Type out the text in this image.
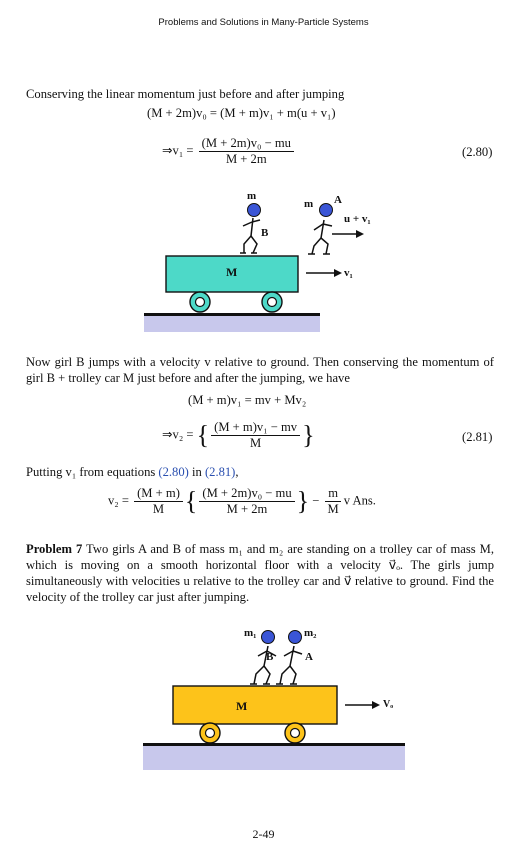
Problems and Solutions in Many-Particle Systems
Conserving the linear momentum just before and after jumping
(M + 2m)v₀ = (M + m)v₁ + m(u + v₁)
⇒v₁ = $\frac{\text{(M + 2m)v₀ − mu}}{M + 2m}$	(2.80)
m
B
m A
u + v₁
M	v₁
Now girl B jumps with a velocity v relative to ground. Then conserving the momentum of girl B + trolley car M just before and after the jumping, we have
(M + m)v₁ = mv + Mv₂
⇒v₂ = { $\frac{\text{(M + m)v₁ − mv}}{M}$ }	(2.81)
Putting v₁ from equations (2.80) in (2.81),
$v_2 = \frac{(M + m)}{M}$ { $\frac{\text{(M + 2m)v₀ − mu}}{M + 2m}$ } − $\frac{m}{M}$ v Ans.
Problem 7 Two girls A and B of mass m₁ and m₂ are standing on a trolley car of mass M, which is moving on a smooth horizontal floor with a velocity v⃗ₒ. The girls jump simultaneously with velocities u relative to the trolley car and v⃗ relative to ground. Find the velocity of the trolley car just after jumping.
m₁	m₂
B	A
M	Vₒ
2-49
